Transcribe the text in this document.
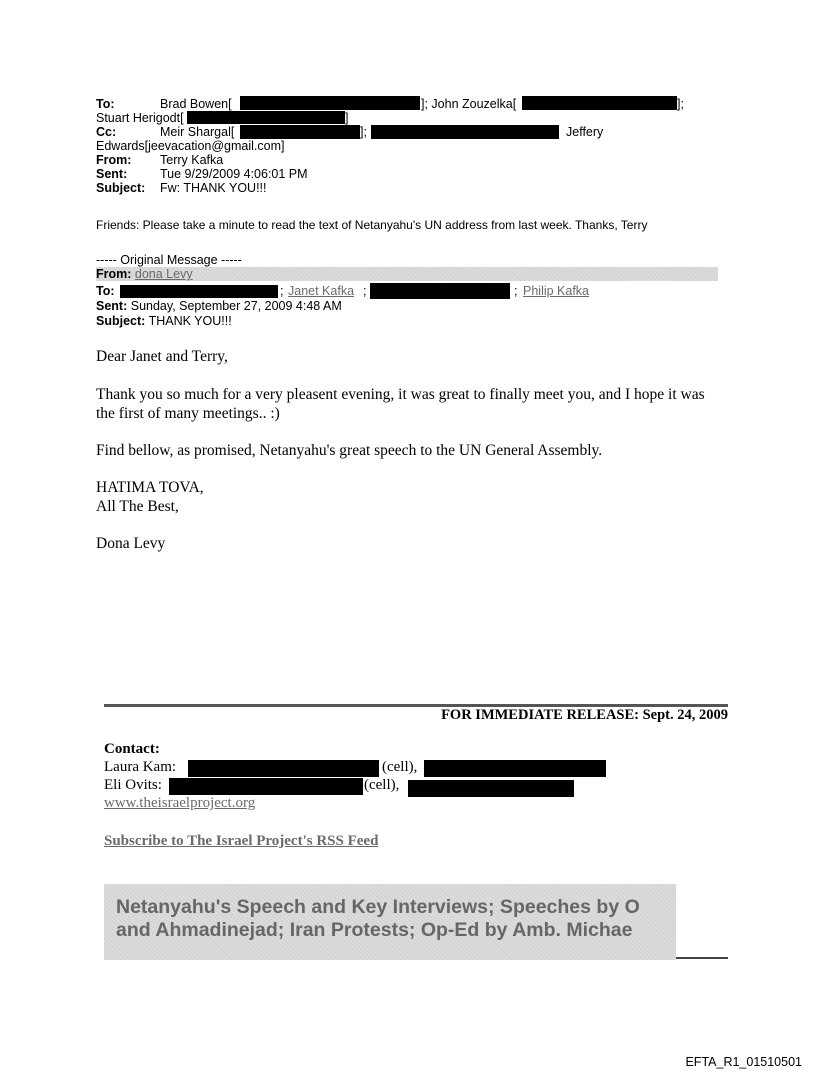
To:	Brad Bowen[	]; John Zouzelka[	];
Stuart Herigodt[	]
Cc:	Meir Shargal[	];	Jeffery
Edwards[jeevacation@gmail.com]
From: Terry Kafka
Sent:	Tue 9/29/2009 4:06:01 PM
Subject: Fw: THANK YOU!!!
Friends: Please take a minute to read the text of Netanyahu's UN address from last week. Thanks, Terry
----- Original Message -----
From: dona Levy
To:	; Janet Kafka ;	; Philip Kafka
Sent: Sunday, September 27, 2009 4:48 AM
Subject: THANK YOU!!!
Dear Janet and Terry,
Thank you so much for a very pleasent evening, it was great to finally meet you, and I hope it was
the first of many meetings.. :)
Find bellow, as promised, Netanyahu's great speech to the UN General Assembly.
HATIMA TOVA,
All The Best,
Dona Levy
FOR IMMEDIATE RELEASE: Sept. 24, 2009
Contact:
Laura Kam:	(cell),
Eli Ovits:	(cell),
www.theisraelproject.org
Subscribe to The Israel Project's RSS Feed
Netanyahu's Speech and Key Interviews; Speeches by O
and Ahmadinejad; Iran Protests; Op-Ed by Amb. Michae
EFTA_R1_01510501
